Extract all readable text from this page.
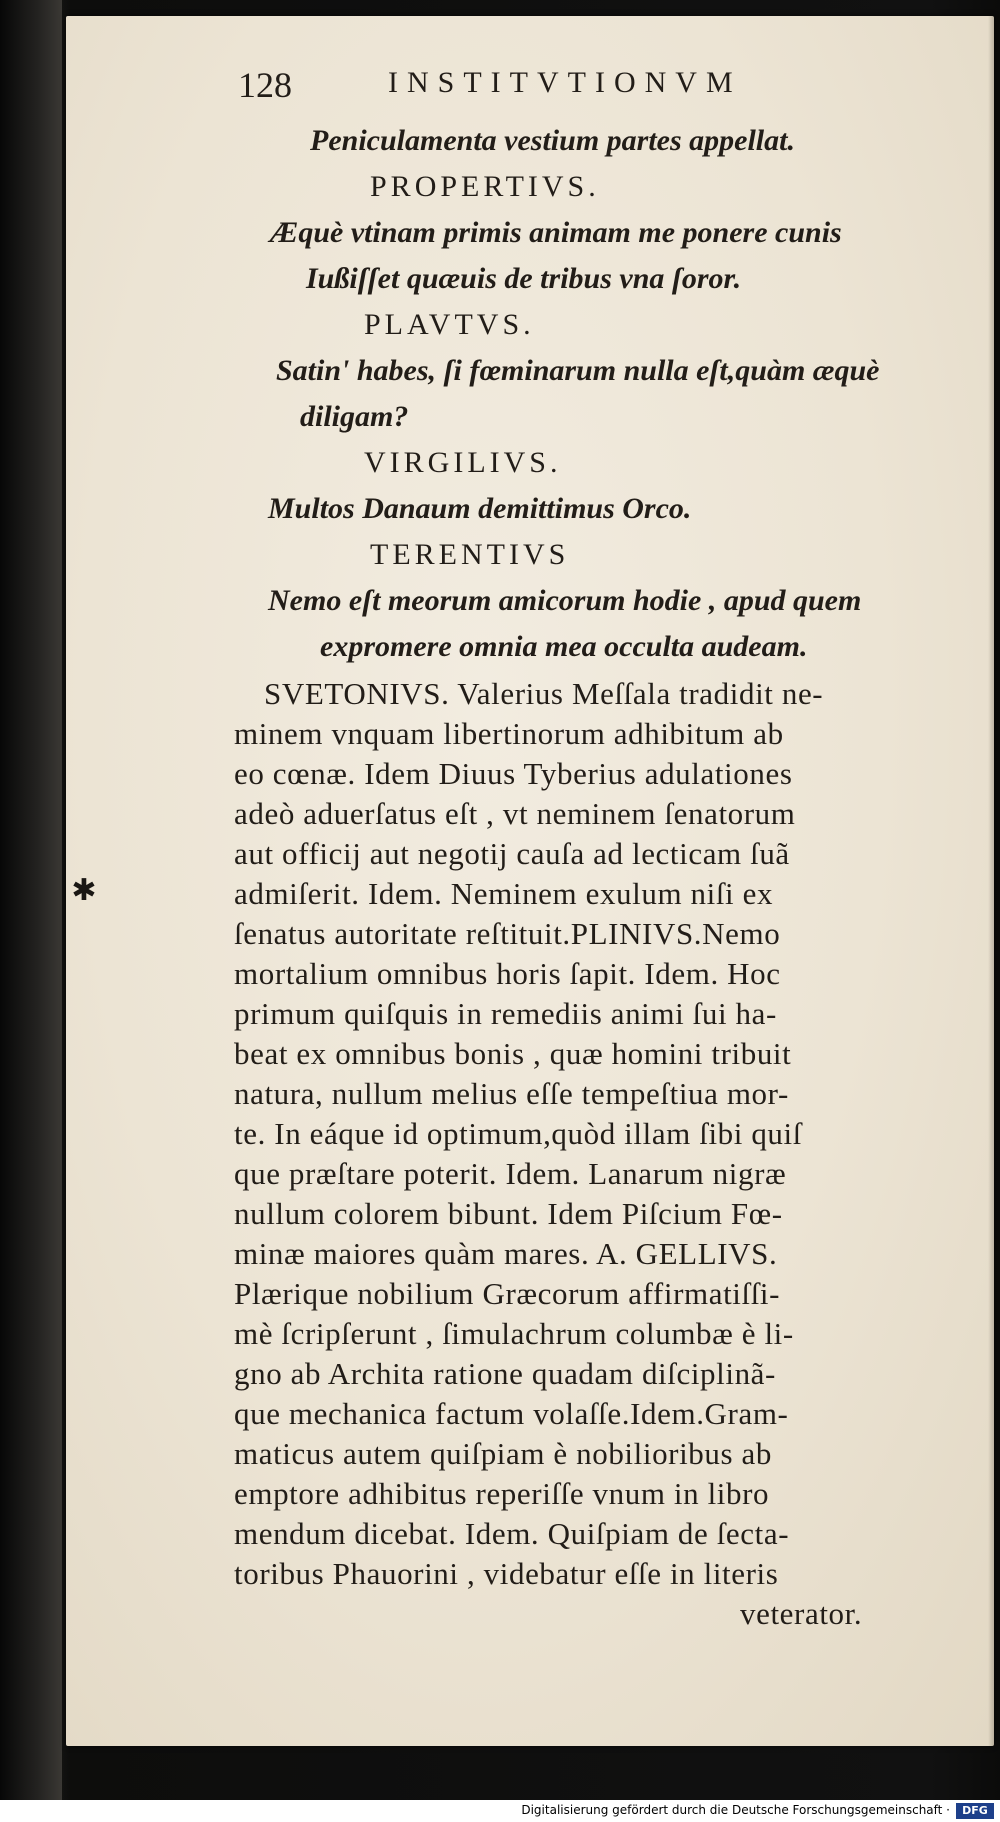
✱
128	INSTITVTIONVM
Peniculamenta vestium partes appellat.
PROPERTIVS.
Æquè vtinam primis animam me ponere cunis
Iußiſſet quæuis de tribus vna ſoror.
PLAVTVS.
Satin' habes, ſi fœminarum nulla eſt,quàm æquè
diligam?
VIRGILIVS.
Multos Danaum demittimus Orco.
TERENTIVS
Nemo eſt meorum amicorum hodie , apud quem
expromere omnia mea occulta audeam.
SVETONIVS. Valerius Meſſala tradidit ne-
minem vnquam libertinorum adhibitum ab
eo cœnæ. Idem Diuus Tyberius adulationes
adeò aduerſatus eſt , vt neminem ſenatorum
aut officij aut negotij cauſa ad lecticam ſuã
admiſerit. Idem. Neminem exulum niſi ex
ſenatus autoritate reſtituit.PLINIVS.Nemo
mortalium omnibus horis ſapit. Idem. Hoc
primum quiſquis in remediis animi ſui ha-
beat ex omnibus bonis , quæ homini tribuit
natura, nullum melius eſſe tempeſtiua mor-
te. In eáque id optimum,quòd illam ſibi quiſ
que præſtare poterit. Idem. Lanarum nigræ
nullum colorem bibunt. Idem Piſcium Fœ-
minæ maiores quàm mares. A. GELLIVS.
Plærique nobilium Græcorum affirmatiſſi-
mè ſcripſerunt , ſimulachrum columbæ è li-
gno ab Archita ratione quadam diſciplinã-
que mechanica factum volaſſe.Idem.Gram-
maticus autem quiſpiam è nobilioribus ab
emptore adhibitus reperiſſe vnum in libro
mendum dicebat. Idem. Quiſpiam de ſecta-
toribus Phauorini , videbatur eſſe in literis
veterator.
Digitalisierung gefördert durch die Deutsche Forschungsgemeinschaft ·	DFG
